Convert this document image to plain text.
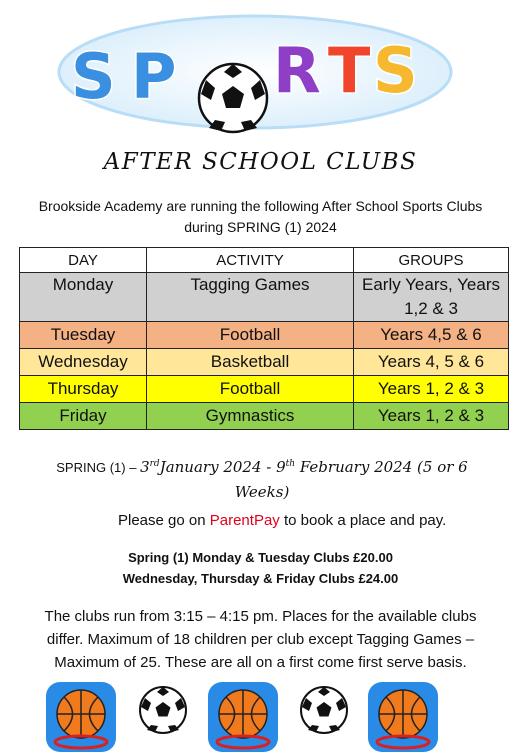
S P R T S
AFTER SCHOOL CLUBS
Brookside Academy are running the following After School Sports Clubs
during SPRING (1) 2024
DAY	ACTIVITY	GROUPS
Monday	Tagging Games	Early Years, Years
1,2 & 3

Tuesday	Football	Years 4,5 & 6
Wednesday	Basketball	Years 4, 5 & 6
Thursday	Football	Years 1, 2 & 3
Friday	Gymnastics	Years 1, 2 & 3
SPRING (1) – 3rdJanuary 2024 - 9th February 2024 (5 or 6
Weeks)
Please go on ParentPay to book a place and pay.
Spring (1) Monday & Tuesday Clubs £20.00
Wednesday, Thursday & Friday Clubs £24.00
The clubs run from 3:15 – 4:15 pm. Places for the available clubs
differ. Maximum of 18 children per club except Tagging Games –
Maximum of 25. These are all on a first come first serve basis.
